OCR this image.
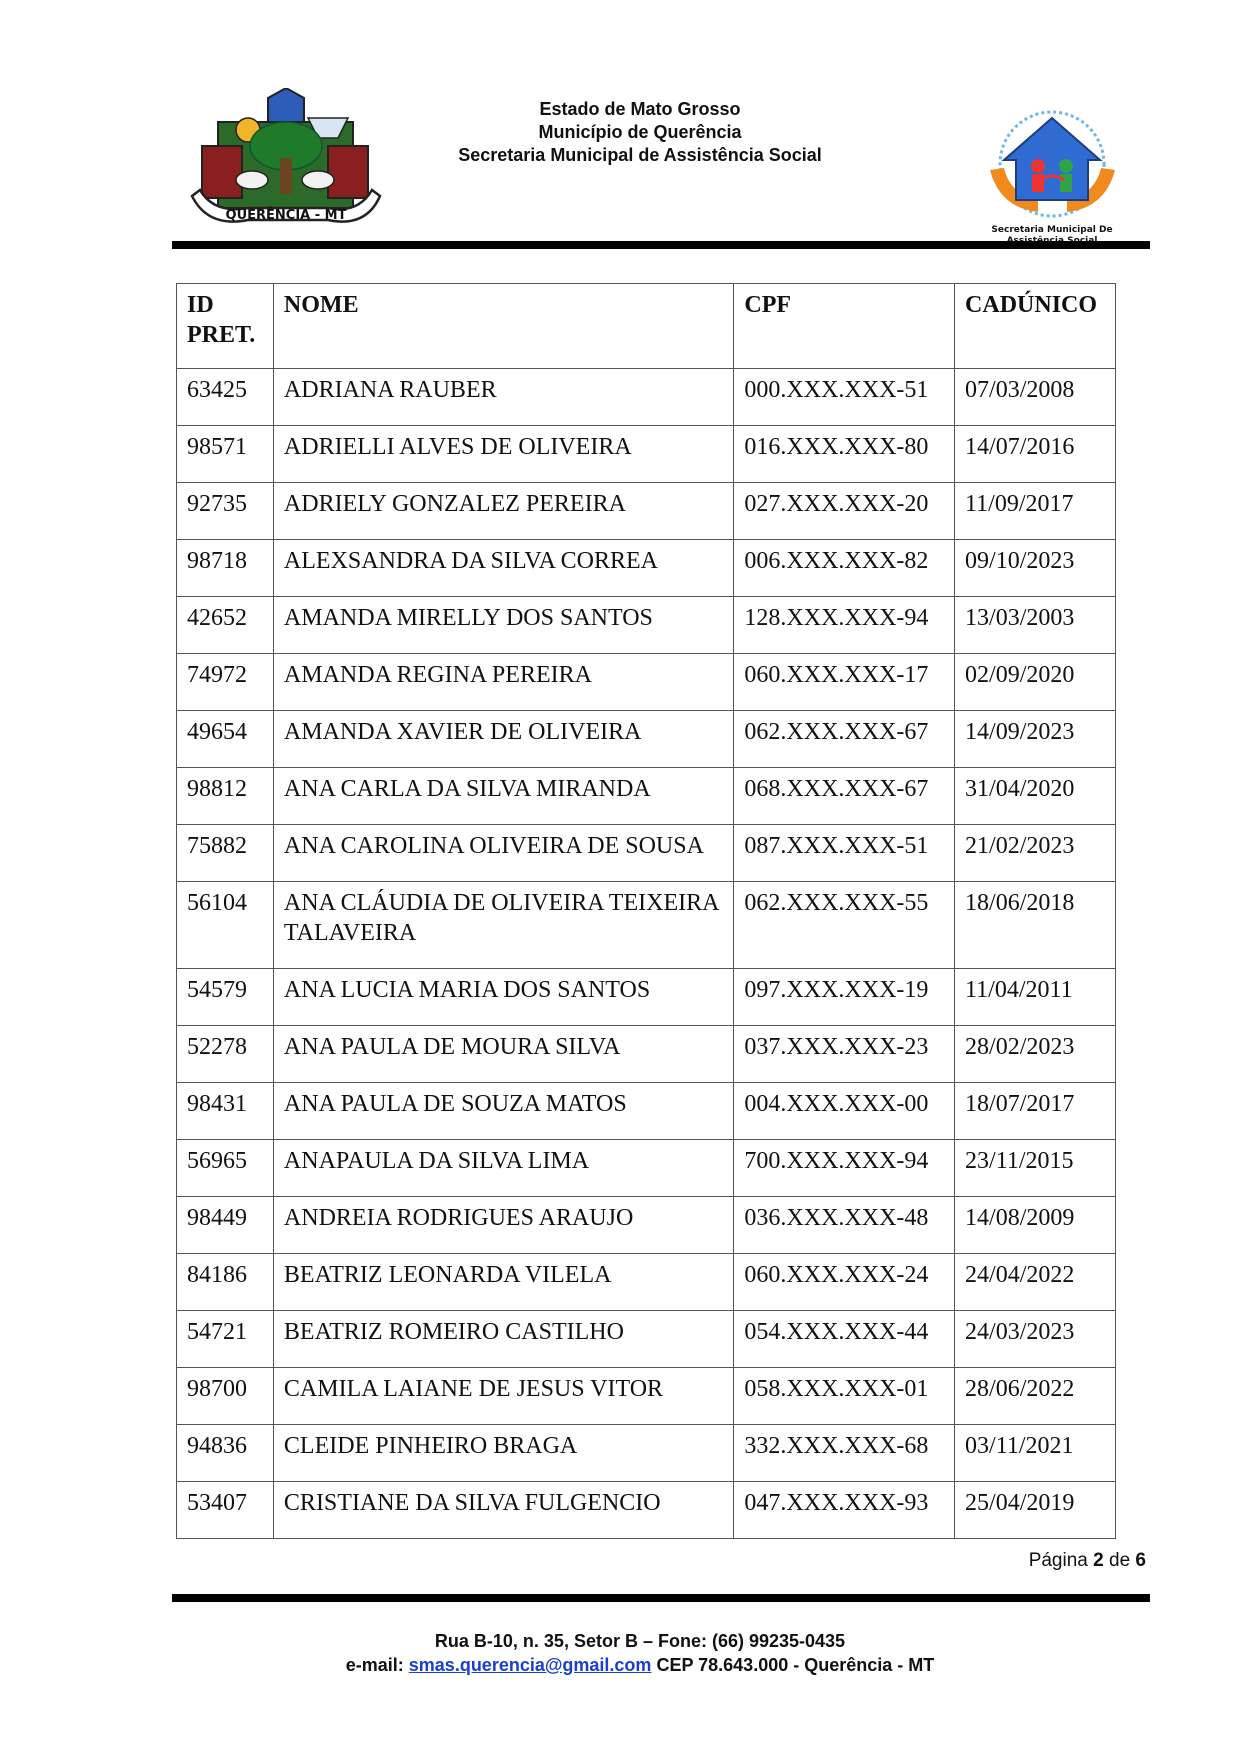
QUERÊNCIA - MT
Estado de Mato Grosso
Município de Querência
Secretaria Municipal de Assistência Social
Secretaria Municipal De
ID PRET.	NOME	CPF	CADÚNICO
63425	ADRIANA RAUBER	000.XXX.XXX-51	07/03/2008
98571	ADRIELLI ALVES DE OLIVEIRA	016.XXX.XXX-80	14/07/2016
92735	ADRIELY GONZALEZ PEREIRA	027.XXX.XXX-20	11/09/2017
98718	ALEXSANDRA DA SILVA CORREA	006.XXX.XXX-82	09/10/2023
42652	AMANDA MIRELLY DOS SANTOS	128.XXX.XXX-94	13/03/2003
74972	AMANDA REGINA PEREIRA	060.XXX.XXX-17	02/09/2020
49654	AMANDA XAVIER DE OLIVEIRA	062.XXX.XXX-67	14/09/2023
98812	ANA CARLA DA SILVA MIRANDA	068.XXX.XXX-67	31/04/2020
75882	ANA CAROLINA OLIVEIRA DE SOUSA	087.XXX.XXX-51	21/02/2023
56104	ANA CLÁUDIA DE OLIVEIRA TEIXEIRA TALAVEIRA	062.XXX.XXX-55	18/06/2018
54579	ANA LUCIA MARIA DOS SANTOS	097.XXX.XXX-19	11/04/2011
52278	ANA PAULA DE MOURA SILVA	037.XXX.XXX-23	28/02/2023
98431	ANA PAULA DE SOUZA MATOS	004.XXX.XXX-00	18/07/2017
56965	ANAPAULA DA SILVA LIMA	700.XXX.XXX-94	23/11/2015
98449	ANDREIA RODRIGUES ARAUJO	036.XXX.XXX-48	14/08/2009
84186	BEATRIZ LEONARDA VILELA	060.XXX.XXX-24	24/04/2022
54721	BEATRIZ ROMEIRO CASTILHO	054.XXX.XXX-44	24/03/2023
98700	CAMILA LAIANE DE JESUS VITOR	058.XXX.XXX-01	28/06/2022
94836	CLEIDE PINHEIRO BRAGA	332.XXX.XXX-68	03/11/2021
53407	CRISTIANE DA SILVA FULGENCIO	047.XXX.XXX-93	25/04/2019
Página 2 de 6
Rua B-10, n. 35, Setor B – Fone: (66) 99235-0435
e-mail: smas.querencia@gmail.com CEP 78.643.000 - Querência - MT
